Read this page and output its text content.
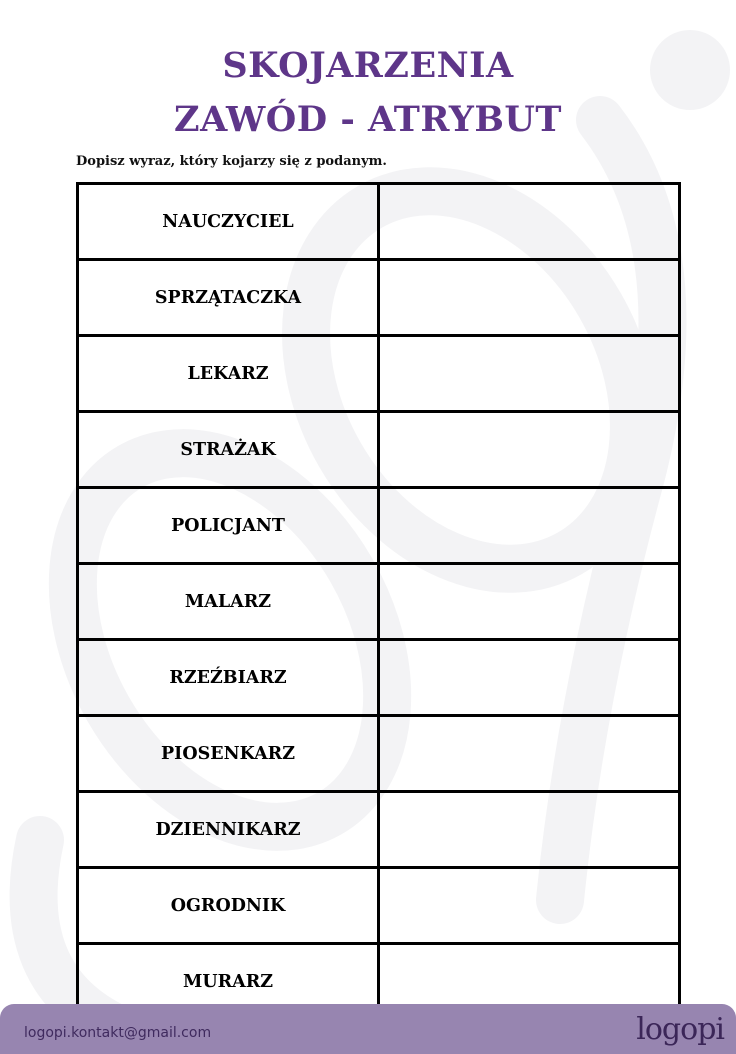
SKOJARZENIA
ZAWÓD - ATRYBUT
Dopisz wyraz, który kojarzy się z podanym.
NAUCZYCIEL	
SPRZĄTACZKA	
LEKARZ	
STRAŻAK	
POLICJANT	
MALARZ	
RZEŹBIARZ	
PIOSENKARZ	
DZIENNIKARZ	
OGRODNIK	
MURARZ	
logopi.kontakt@gmail.com	logopi
